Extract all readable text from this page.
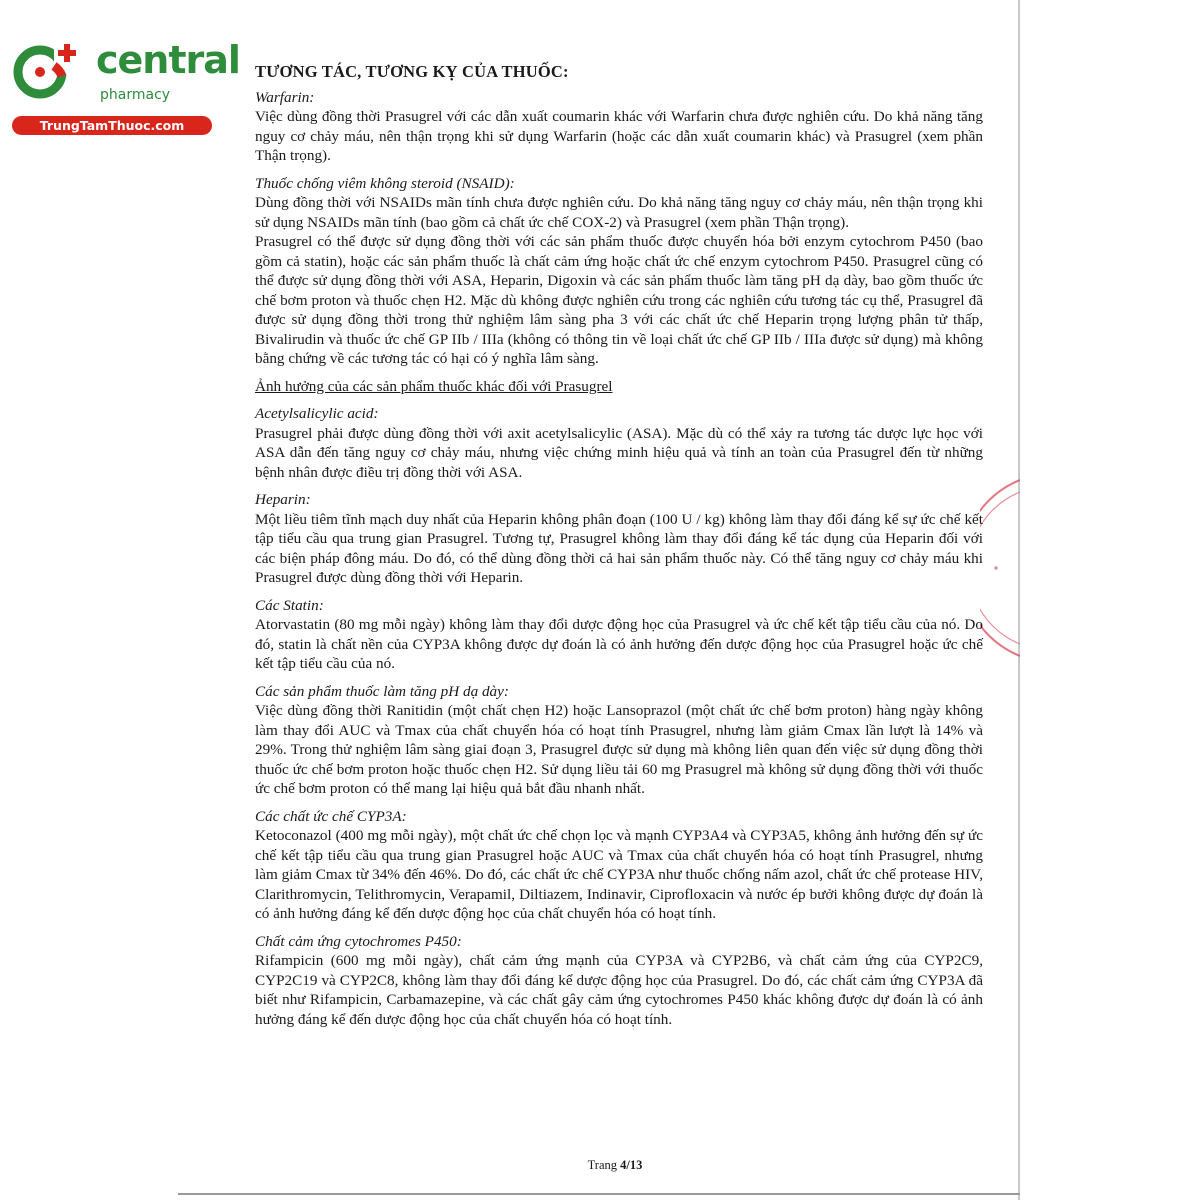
central
pharmacy
TrungTamThuoc.com
TƯƠNG TÁC, TƯƠNG KỴ CỦA THUỐC:
Warfarin:

Việc dùng đồng thời Prasugrel với các dẫn xuất coumarin khác với Warfarin chưa được nghiên cứu. Do khả năng tăng nguy cơ chảy máu, nên thận trọng khi sử dụng Warfarin (hoặc các dẫn xuất coumarin khác) và Prasugrel (xem phần Thận trọng).

Thuốc chống viêm không steroid (NSAID):

Dùng đồng thời với NSAIDs mãn tính chưa được nghiên cứu. Do khả năng tăng nguy cơ chảy máu, nên thận trọng khi sử dụng NSAIDs mãn tính (bao gồm cả chất ức chế COX-2) và Prasugrel (xem phần Thận trọng).

Prasugrel có thể được sử dụng đồng thời với các sản phẩm thuốc được chuyển hóa bởi enzym cytochrom P450 (bao gồm cả statin), hoặc các sản phẩm thuốc là chất cảm ứng hoặc chất ức chế enzym cytochrom P450. Prasugrel cũng có thể được sử dụng đồng thời với ASA, Heparin, Digoxin và các sản phẩm thuốc làm tăng pH dạ dày, bao gồm thuốc ức chế bơm proton và thuốc chẹn H2. Mặc dù không được nghiên cứu trong các nghiên cứu tương tác cụ thể, Prasugrel đã được sử dụng đồng thời trong thử nghiệm lâm sàng pha 3 với các chất ức chế Heparin trọng lượng phân tử thấp, Bivalirudin và thuốc ức chế GP IIb / IIIa (không có thông tin về loại chất ức chế GP IIb / IIIa được sử dụng) mà không bằng chứng về các tương tác có hại có ý nghĩa lâm sàng.

Ảnh hưởng của các sản phẩm thuốc khác đối với Prasugrel
Acetylsalicylic acid:

Prasugrel phải được dùng đồng thời với axit acetylsalicylic (ASA). Mặc dù có thể xảy ra tương tác dược lực học với ASA dẫn đến tăng nguy cơ chảy máu, nhưng việc chứng minh hiệu quả và tính an toàn của Prasugrel đến từ những bệnh nhân được điều trị đồng thời với ASA.

Heparin:

Một liều tiêm tĩnh mạch duy nhất của Heparin không phân đoạn (100 U / kg) không làm thay đổi đáng kể sự ức chế kết tập tiểu cầu qua trung gian Prasugrel. Tương tự, Prasugrel không làm thay đổi đáng kể tác dụng của Heparin đối với các biện pháp đông máu. Do đó, có thể dùng đồng thời cả hai sản phẩm thuốc này. Có thể tăng nguy cơ chảy máu khi Prasugrel được dùng đồng thời với Heparin.

Các Statin:

Atorvastatin (80 mg mỗi ngày) không làm thay đổi dược động học của Prasugrel và ức chế kết tập tiểu cầu của nó. Do đó, statin là chất nền của CYP3A không được dự đoán là có ảnh hưởng đến dược động học của Prasugrel hoặc ức chế kết tập tiểu cầu của nó.

Các sản phẩm thuốc làm tăng pH dạ dày:

Việc dùng đồng thời Ranitidin (một chất chẹn H2) hoặc Lansoprazol (một chất ức chế bơm proton) hàng ngày không làm thay đổi AUC và Tmax của chất chuyển hóa có hoạt tính Prasugrel, nhưng làm giảm Cmax lần lượt là 14% và 29%. Trong thử nghiệm lâm sàng giai đoạn 3, Prasugrel được sử dụng mà không liên quan đến việc sử dụng đồng thời thuốc ức chế bơm proton hoặc thuốc chẹn H2. Sử dụng liều tải 60 mg Prasugrel mà không sử dụng đồng thời với thuốc ức chế bơm proton có thể mang lại hiệu quả bắt đầu nhanh nhất.

Các chất ức chế CYP3A:

Ketoconazol (400 mg mỗi ngày), một chất ức chế chọn lọc và mạnh CYP3A4 và CYP3A5, không ảnh hưởng đến sự ức chế kết tập tiểu cầu qua trung gian Prasugrel hoặc AUC và Tmax của chất chuyển hóa có hoạt tính Prasugrel, nhưng làm giảm Cmax từ 34% đến 46%. Do đó, các chất ức chế CYP3A như thuốc chống nấm azol, chất ức chế protease HIV, Clarithromycin, Telithromycin, Verapamil, Diltiazem, Indinavir, Ciprofloxacin và nước ép bưởi không được dự đoán là có ảnh hưởng đáng kể đến dược động học của chất chuyển hóa có hoạt tính.

Chất cảm ứng cytochromes P450:

Rifampicin (600 mg mỗi ngày), chất cảm ứng mạnh của CYP3A và CYP2B6, và chất cảm ứng của CYP2C9, CYP2C19 và CYP2C8, không làm thay đổi đáng kể dược động học của Prasugrel. Do đó, các chất cảm ứng CYP3A đã biết như Rifampicin, Carbamazepine, và các chất gây cảm ứng cytochromes P450 khác không được dự đoán là có ảnh hưởng đáng kể đến dược động học của chất chuyển hóa có hoạt tính.

Trang 4/13
